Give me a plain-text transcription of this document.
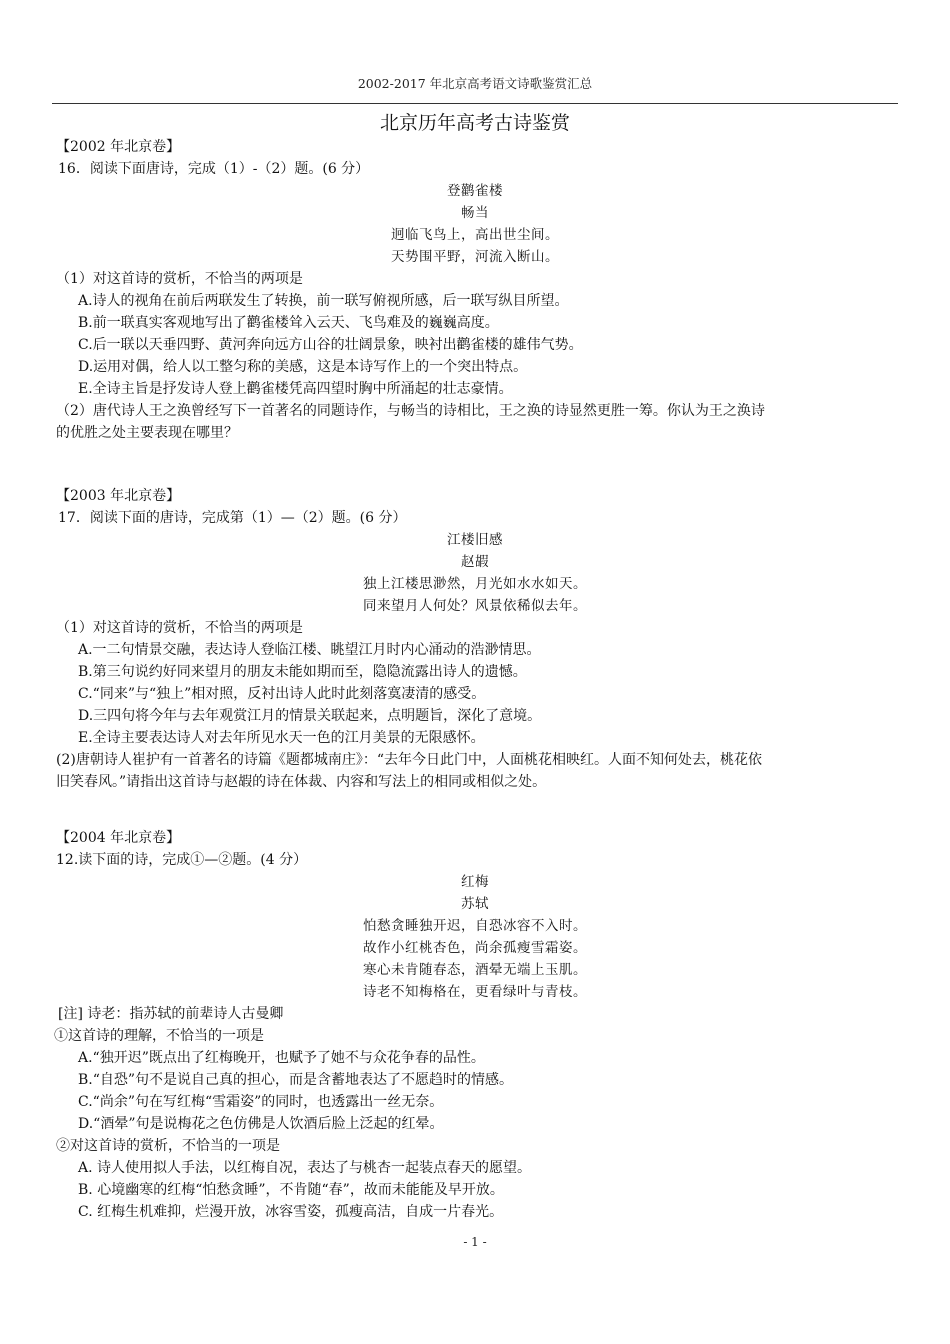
2002-2017 年北京高考语文诗歌鉴赏汇总
北京历年高考古诗鉴赏
【2002 年北京卷】
16．阅读下面唐诗，完成（1）-（2）题。(6 分）
登鹳雀楼
畅当
迥临飞鸟上，高出世尘间。
天势围平野，河流入断山。
（1）对这首诗的赏析，不恰当的两项是
A.诗人的视角在前后两联发生了转换，前一联写俯视所感，后一联写纵目所望。
B.前一联真实客观地写出了鹳雀楼耸入云天、飞鸟难及的巍巍高度。
C.后一联以天垂四野、黄河奔向远方山谷的壮阔景象，映衬出鹳雀楼的雄伟气势。
D.运用对偶，给人以工整匀称的美感，这是本诗写作上的一个突出特点。
E.全诗主旨是抒发诗人登上鹳雀楼凭高四望时胸中所涌起的壮志豪情。
（2）唐代诗人王之涣曾经写下一首著名的同题诗作，与畅当的诗相比，王之涣的诗显然更胜一筹。你认为王之涣诗
的优胜之处主要表现在哪里？
【2003 年北京卷】
17．阅读下面的唐诗，完成第（1）—（2）题。(6 分）
江楼旧感
赵嘏
独上江楼思渺然，月光如水水如天。
同来望月人何处？风景依稀似去年。
（1）对这首诗的赏析，不恰当的两项是
A.一二句情景交融，表达诗人登临江楼、眺望江月时内心涌动的浩渺情思。
B.第三句说约好同来望月的朋友未能如期而至，隐隐流露出诗人的遗憾。
C.“同来”与“独上”相对照，反衬出诗人此时此刻落寞凄清的感受。
D.三四句将今年与去年观赏江月的情景关联起来，点明题旨，深化了意境。
E.全诗主要表达诗人对去年所见水天一色的江月美景的无限感怀。
(2)唐朝诗人崔护有一首著名的诗篇《题都城南庄》：“去年今日此门中，人面桃花相映红。人面不知何处去，桃花依
旧笑春风。”请指出这首诗与赵嘏的诗在体裁、内容和写法上的相同或相似之处。
【2004 年北京卷】
12.读下面的诗，完成①—②题。(4 分）
红梅
苏轼
怕愁贪睡独开迟，自恐冰容不入时。
故作小红桃杏色，尚余孤瘦雪霜姿。
寒心未肯随春态，酒晕无端上玉肌。
诗老不知梅格在，更看绿叶与青枝。
[注] 诗老：指苏轼的前辈诗人古曼卿
①这首诗的理解，不恰当的一项是
A.“独开迟”既点出了红梅晚开，也赋予了她不与众花争春的品性。
B.“自恐”句不是说自己真的担心，而是含蓄地表达了不愿趋时的情感。
C.“尚余”句在写红梅“雪霜姿”的同时，也透露出一丝无奈。
D.“酒晕”句是说梅花之色仿佛是人饮酒后脸上泛起的红晕。
②对这首诗的赏析，不恰当的一项是
A. 诗人使用拟人手法，以红梅自况，表达了与桃杏一起装点春天的愿望。
B. 心境幽寒的红梅“怕愁贪睡”，不肯随“春”，故而未能能及早开放。
C. 红梅生机难抑，烂漫开放，冰容雪姿，孤瘦高洁，自成一片春光。
- 1 -
